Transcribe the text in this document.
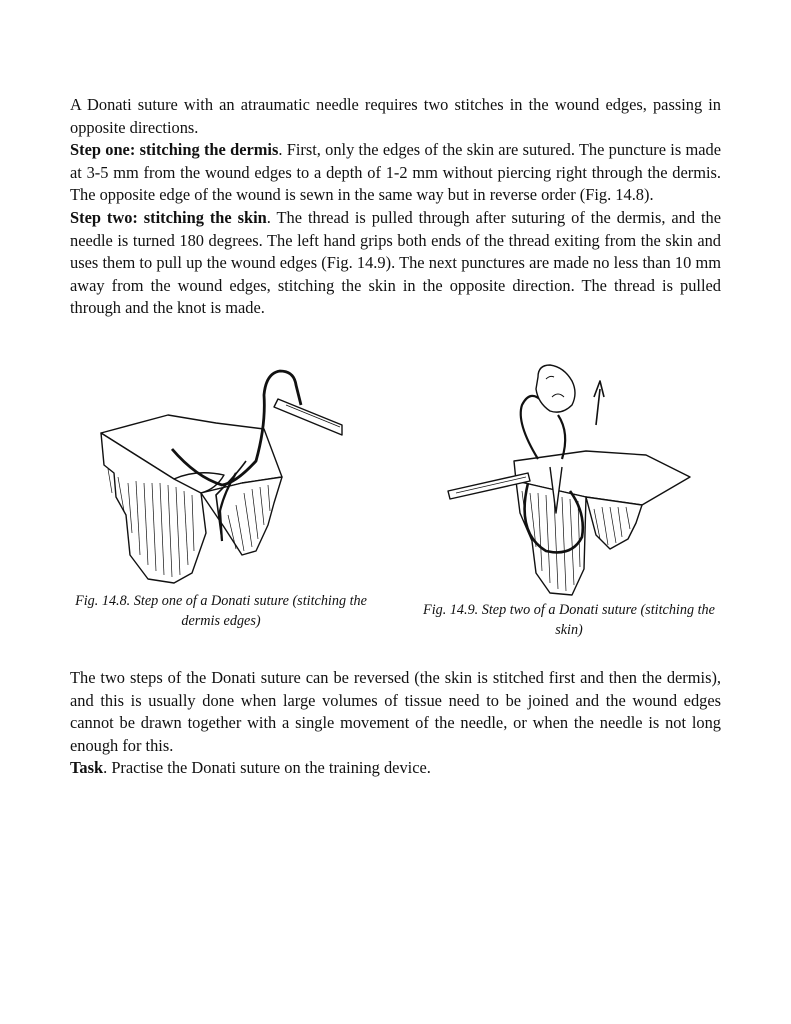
A Donati suture with an atraumatic needle requires two stitches in the wound edges, passing in opposite directions.

Step one: stitching the dermis. First, only the edges of the skin are sutured. The puncture is made at 3-5 mm from the wound edges to a depth of 1-2 mm without piercing right through the dermis. The opposite edge of the wound is sewn in the same way but in reverse order (Fig. 14.8).

Step two: stitching the skin. The thread is pulled through after suturing of the dermis, and the needle is turned 180 degrees. The left hand grips both ends of the thread exiting from the skin and uses them to pull up the wound edges (Fig. 14.9). The next punctures are made no less than 10 mm away from the wound edges, stitching the skin in the opposite direction. The thread is pulled through and the knot is made.

Fig. 14.8. Step one of a Donati suture (stitching the dermis edges)
Fig. 14.9. Step two of a Donati suture (stitching the skin)

The two steps of the Donati suture can be reversed (the skin is stitched first and then the dermis), and this is usually done when large volumes of tissue need to be joined and the wound edges cannot be drawn together with a single movement of the needle, or when the needle is not long enough for this.

Task. Practise the Donati suture on the training device.
